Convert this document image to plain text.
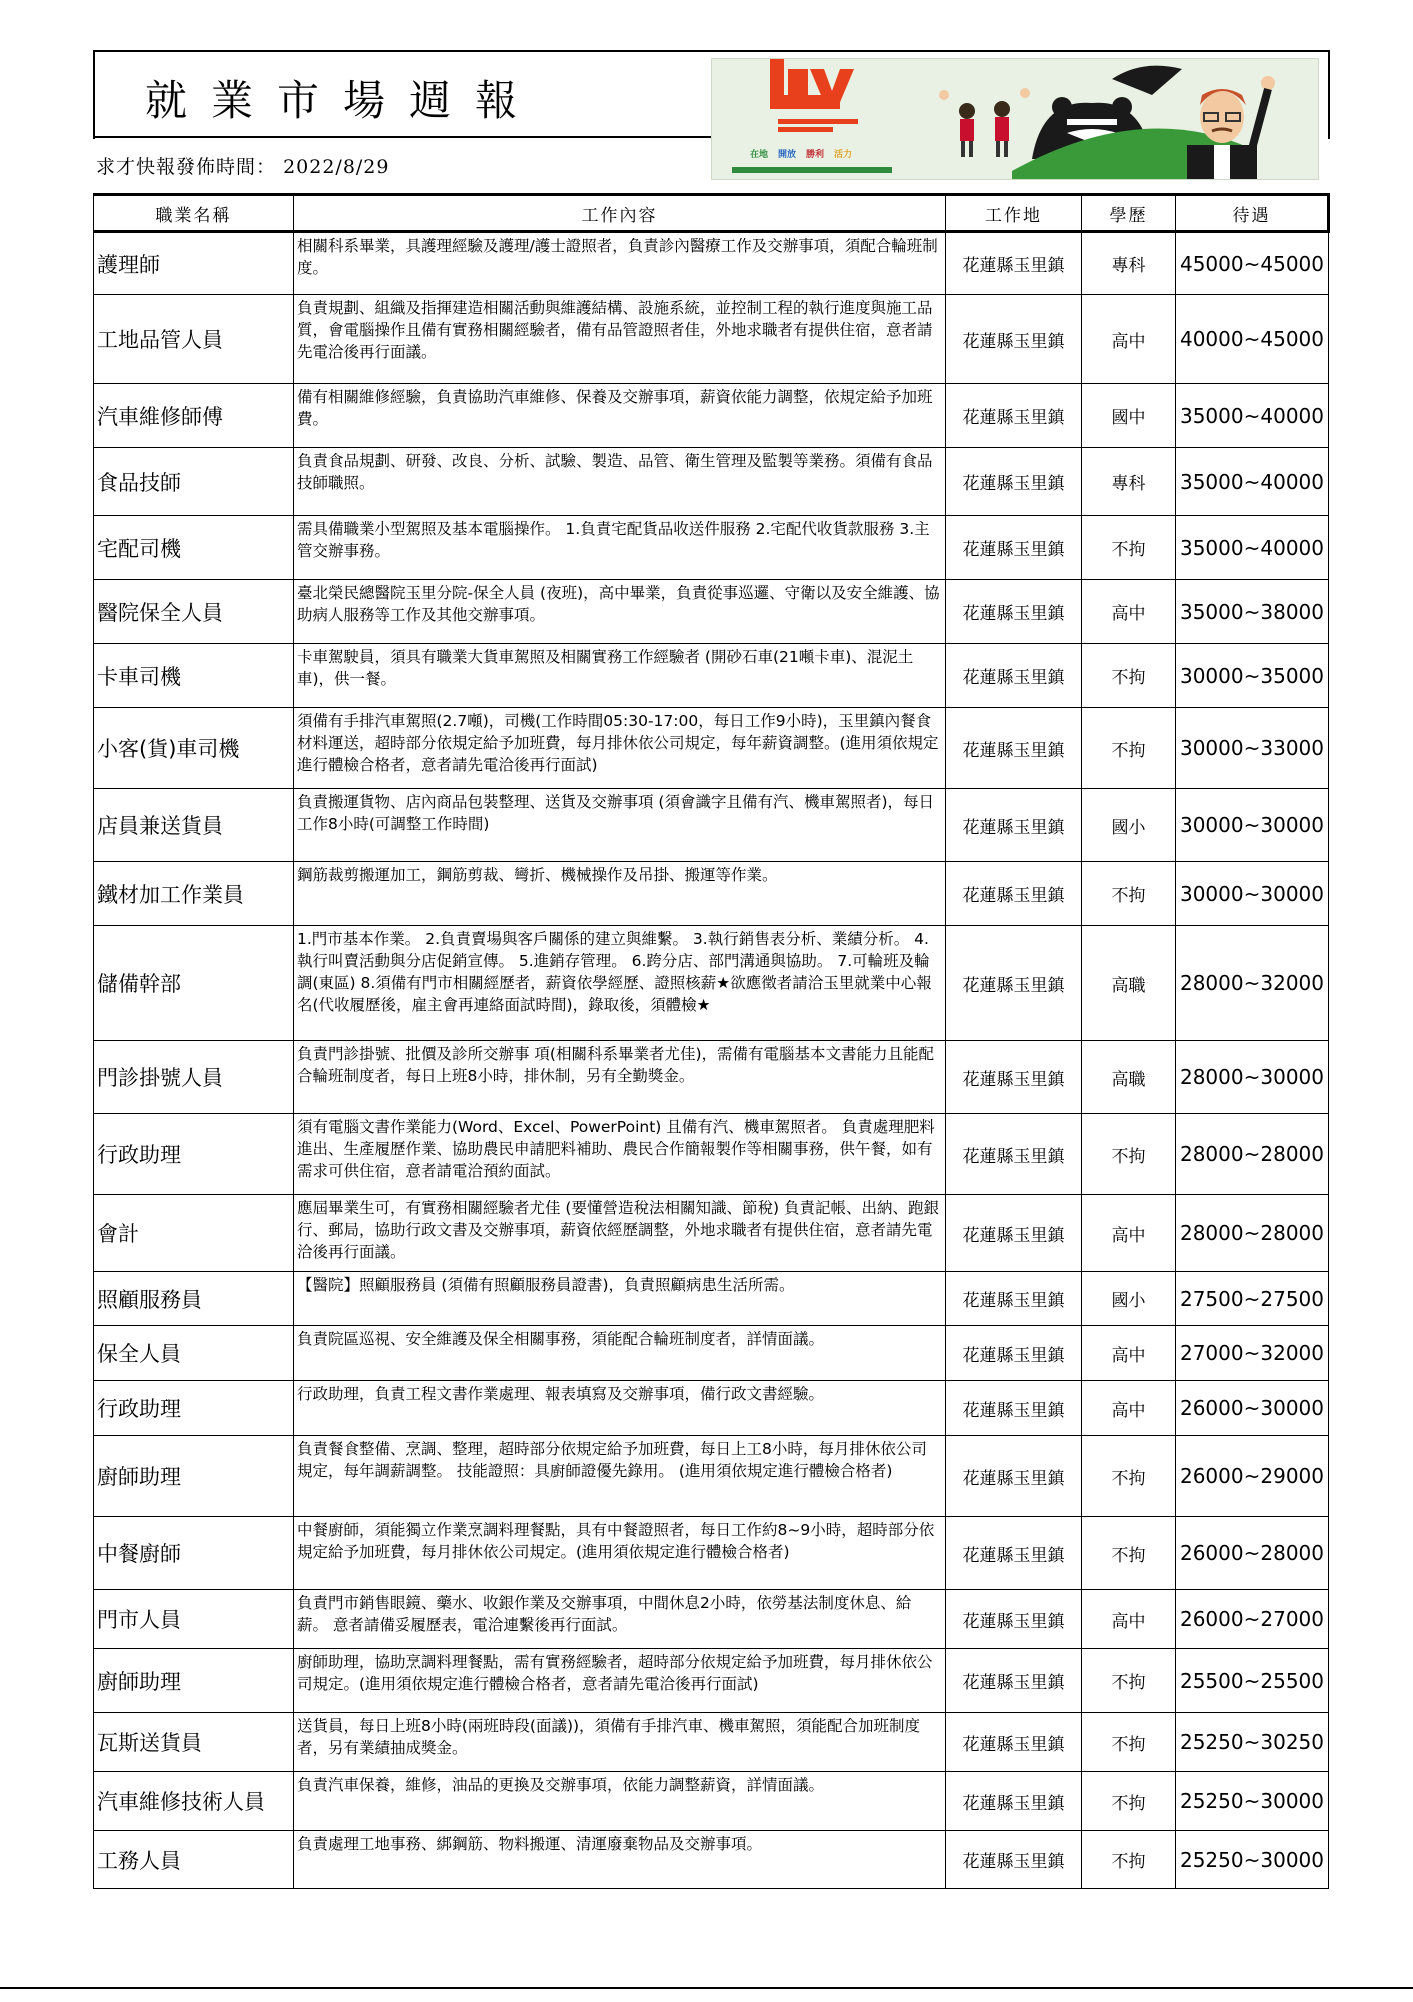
就業市場週報
求才快報發佈時間： 2022/8/29
在地 開放 勝利 活力
職業名稱	工作內容	工作地	學歷	待遇
護理師	相關科系畢業，具護理經驗及護理/護士證照者，負責診內醫療工作及交辦事項，須配合輪班制度。	花蓮縣玉里鎮	專科	45000~45000
工地品管人員	負責規劃、組織及指揮建造相關活動與維護結構、設施系統，並控制工程的執行進度與施工品質，會電腦操作且備有實務相關經驗者，備有品管證照者佳，外地求職者有提供住宿，意者請先電洽後再行面議。	花蓮縣玉里鎮	高中	40000~45000
汽車維修師傅	備有相關維修經驗，負責協助汽車維修、保養及交辦事項，薪資依能力調整，依規定給予加班費。	花蓮縣玉里鎮	國中	35000~40000
食品技師	負責食品規劃、研發、改良、分析、試驗、製造、品管、衛生管理及監製等業務。須備有食品技師職照。	花蓮縣玉里鎮	專科	35000~40000
宅配司機	需具備職業小型駕照及基本電腦操作。 1.負責宅配貨品收送件服務 2.宅配代收貨款服務 3.主管交辦事務。	花蓮縣玉里鎮	不拘	35000~40000
醫院保全人員	臺北榮民總醫院玉里分院-保全人員 (夜班)，高中畢業，負責從事巡邏、守衛以及安全維護、協助病人服務等工作及其他交辦事項。	花蓮縣玉里鎮	高中	35000~38000
卡車司機	卡車駕駛員，須具有職業大貨車駕照及相關實務工作經驗者 (開砂石車(21噸卡車)、混泥土車)，供一餐。	花蓮縣玉里鎮	不拘	30000~35000
小客(貨)車司機	須備有手排汽車駕照(2.7噸)，司機(工作時間05:30-17:00，每日工作9小時)，玉里鎮內餐食材料運送，超時部分依規定給予加班費，每月排休依公司規定，每年薪資調整。(進用須依規定進行體檢合格者，意者請先電洽後再行面試)	花蓮縣玉里鎮	不拘	30000~33000
店員兼送貨員	負責搬運貨物、店內商品包裝整理、送貨及交辦事項 (須會識字且備有汽、機車駕照者)，每日工作8小時(可調整工作時間)	花蓮縣玉里鎮	國小	30000~30000
鐵材加工作業員	鋼筋裁剪搬運加工，鋼筋剪裁、彎折、機械操作及吊掛、搬運等作業。	花蓮縣玉里鎮	不拘	30000~30000
儲備幹部	1.門市基本作業。 2.負責賣場與客戶關係的建立與維繫。 3.執行銷售表分析、業績分析。 4.執行叫賣活動與分店促銷宣傳。 5.進銷存管理。 6.跨分店、部門溝通與協助。 7.可輪班及輪調(東區) 8.須備有門市相關經歷者，薪資依學經歷、證照核薪★欲應徵者請洽玉里就業中心報名(代收履歷後，雇主會再連絡面試時間)，錄取後，須體檢★	花蓮縣玉里鎮	高職	28000~32000
門診掛號人員	負責門診掛號、批價及診所交辦事 項(相關科系畢業者尤佳)，需備有電腦基本文書能力且能配合輪班制度者，每日上班8小時，排休制，另有全勤獎金。	花蓮縣玉里鎮	高職	28000~30000
行政助理	須有電腦文書作業能力(Word、Excel、PowerPoint) 且備有汽、機車駕照者。 負責處理肥料進出、生產履歷作業、協助農民申請肥料補助、農民合作簡報製作等相關事務，供午餐，如有需求可供住宿，意者請電洽預約面試。	花蓮縣玉里鎮	不拘	28000~28000
會計	應屆畢業生可，有實務相關經驗者尤佳 (要懂營造稅法相關知識、節稅) 負責記帳、出納、跑銀行、郵局，協助行政文書及交辦事項，薪資依經歷調整，外地求職者有提供住宿，意者請先電洽後再行面議。	花蓮縣玉里鎮	高中	28000~28000
照顧服務員	【醫院】照顧服務員 (須備有照顧服務員證書)，負責照顧病患生活所需。	花蓮縣玉里鎮	國小	27500~27500
保全人員	負責院區巡視、安全維護及保全相關事務，須能配合輪班制度者，詳情面議。	花蓮縣玉里鎮	高中	27000~32000
行政助理	行政助理，負責工程文書作業處理、報表填寫及交辦事項，備行政文書經驗。	花蓮縣玉里鎮	高中	26000~30000
廚師助理	負責餐食整備、烹調、整理，超時部分依規定給予加班費，每日上工8小時，每月排休依公司規定，每年調薪調整。 技能證照：具廚師證優先錄用。 (進用須依規定進行體檢合格者)	花蓮縣玉里鎮	不拘	26000~29000
中餐廚師	中餐廚師，須能獨立作業烹調料理餐點，具有中餐證照者，每日工作約8~9小時，超時部分依規定給予加班費，每月排休依公司規定。(進用須依規定進行體檢合格者)	花蓮縣玉里鎮	不拘	26000~28000
門市人員	負責門市銷售眼鏡、藥水、收銀作業及交辦事項，中間休息2小時，依勞基法制度休息、給薪。 意者請備妥履歷表，電洽連繫後再行面試。	花蓮縣玉里鎮	高中	26000~27000
廚師助理	廚師助理，協助烹調料理餐點，需有實務經驗者，超時部分依規定給予加班費，每月排休依公司規定。(進用須依規定進行體檢合格者，意者請先電洽後再行面試)	花蓮縣玉里鎮	不拘	25500~25500
瓦斯送貨員	送貨員，每日上班8小時(兩班時段(面議))，須備有手排汽車、機車駕照，須能配合加班制度者，另有業績抽成獎金。	花蓮縣玉里鎮	不拘	25250~30250
汽車維修技術人員	負責汽車保養，維修，油品的更換及交辦事項，依能力調整薪資，詳情面議。	花蓮縣玉里鎮	不拘	25250~30000
工務人員	負責處理工地事務、綁鋼筋、物料搬運、清運廢棄物品及交辦事項。	花蓮縣玉里鎮	不拘	25250~30000
